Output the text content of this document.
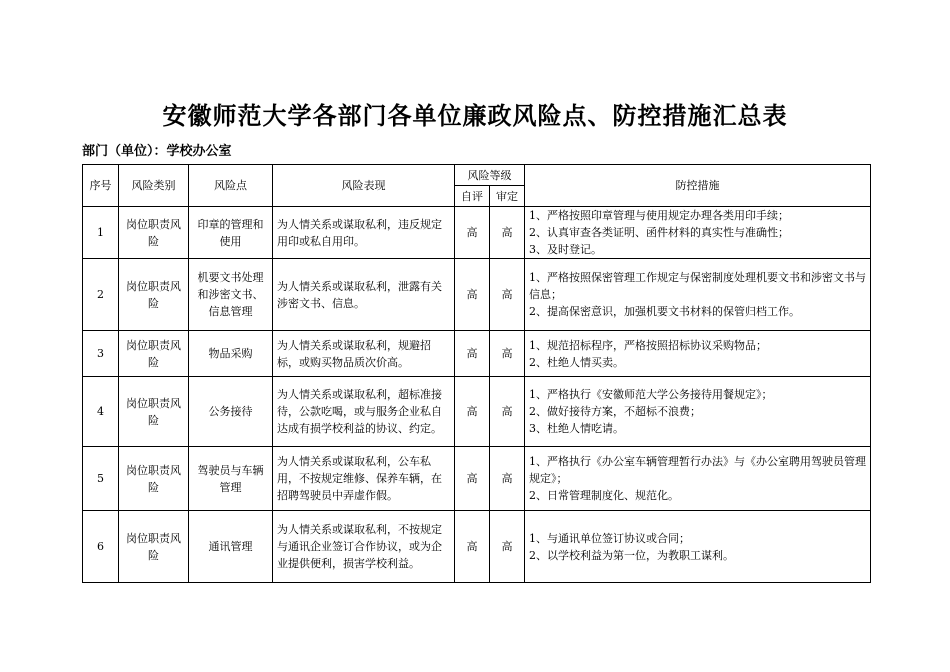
安徽师范大学各部门各单位廉政风险点、防控措施汇总表
部门（单位）：学校办公室
序号	风险类别	风险点	风险表现	风险等级		防控措施
				自评	审定	
1	岗位职责风险	印章的管理和使用	为人情关系或谋取私利，违反规定用印或私自用印。	高	高	1、严格按照印章管理与使用规定办理各类用印手续；
2、认真审查各类证明、函件材料的真实性与准确性；
3、及时登记。

2	岗位职责风险	机要文书处理和涉密文书、信息管理	为人情关系或谋取私利，泄露有关涉密文书、信息。	高	高	1、严格按照保密管理工作规定与保密制度处理机要文书和涉密文书与信息；
2、提高保密意识，加强机要文书材料的保管归档工作。

3	岗位职责风险	物品采购	为人情关系或谋取私利，规避招标，或购买物品质次价高。	高	高	1、规范招标程序，严格按照招标协议采购物品；
2、杜绝人情买卖。

4	岗位职责风险	公务接待	为人情关系或谋取私利，超标准接待，公款吃喝，或与服务企业私自达成有损学校利益的协议、约定。	高	高	1、严格执行《安徽师范大学公务接待用餐规定》；
2、做好接待方案，不超标不浪费；
3、杜绝人情吃请。

5	岗位职责风险	驾驶员与车辆管理	为人情关系或谋取私利，公车私用，不按规定维修、保养车辆，在招聘驾驶员中弄虚作假。	高	高	1、严格执行《办公室车辆管理暂行办法》与《办公室聘用驾驶员管理规定》；
2、日常管理制度化、规范化。

6	岗位职责风险	通讯管理	为人情关系或谋取私利，不按规定与通讯企业签订合作协议，或为企业提供便利，损害学校利益。	高	高	1、与通讯单位签订协议或合同；
2、以学校利益为第一位，为教职工谋利。
